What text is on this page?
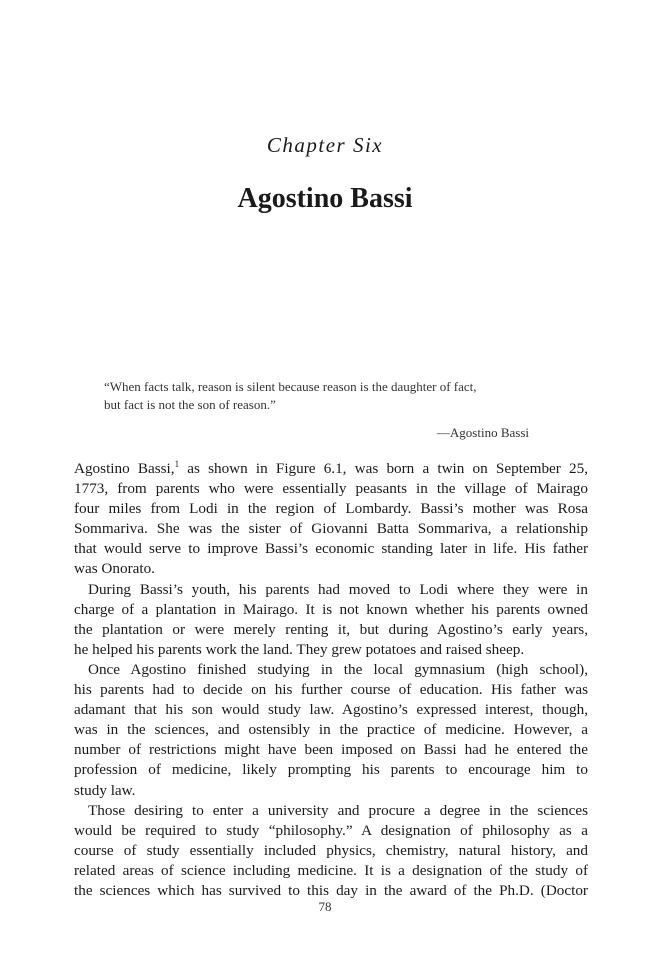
Chapter Six
Agostino Bassi
“When facts talk, reason is silent because reason is the daughter of fact,
but fact is not the son of reason.”
—Agostino Bassi
Agostino Bassi,$^1$ as shown in Figure 6.1, was born a twin on September 25,
1773, from parents who were essentially peasants in the village of Mairago
four miles from Lodi in the region of Lombardy. Bassi’s mother was Rosa
Sommariva. She was the sister of Giovanni Batta Sommariva, a relationship
that would serve to improve Bassi’s economic standing later in life. His father
was Onorato.
During Bassi’s youth, his parents had moved to Lodi where they were in
charge of a plantation in Mairago. It is not known whether his parents owned
the plantation or were merely renting it, but during Agostino’s early years,
he helped his parents work the land. They grew potatoes and raised sheep.
Once Agostino finished studying in the local gymnasium (high school),
his parents had to decide on his further course of education. His father was
adamant that his son would study law. Agostino’s expressed interest, though,
was in the sciences, and ostensibly in the practice of medicine. However, a
number of restrictions might have been imposed on Bassi had he entered the
profession of medicine, likely prompting his parents to encourage him to
study law.
Those desiring to enter a university and procure a degree in the sciences
would be required to study “philosophy.” A designation of philosophy as a
course of study essentially included physics, chemistry, natural history, and
related areas of science including medicine. It is a designation of the study of
the sciences which has survived to this day in the award of the Ph.D. (Doctor
78
